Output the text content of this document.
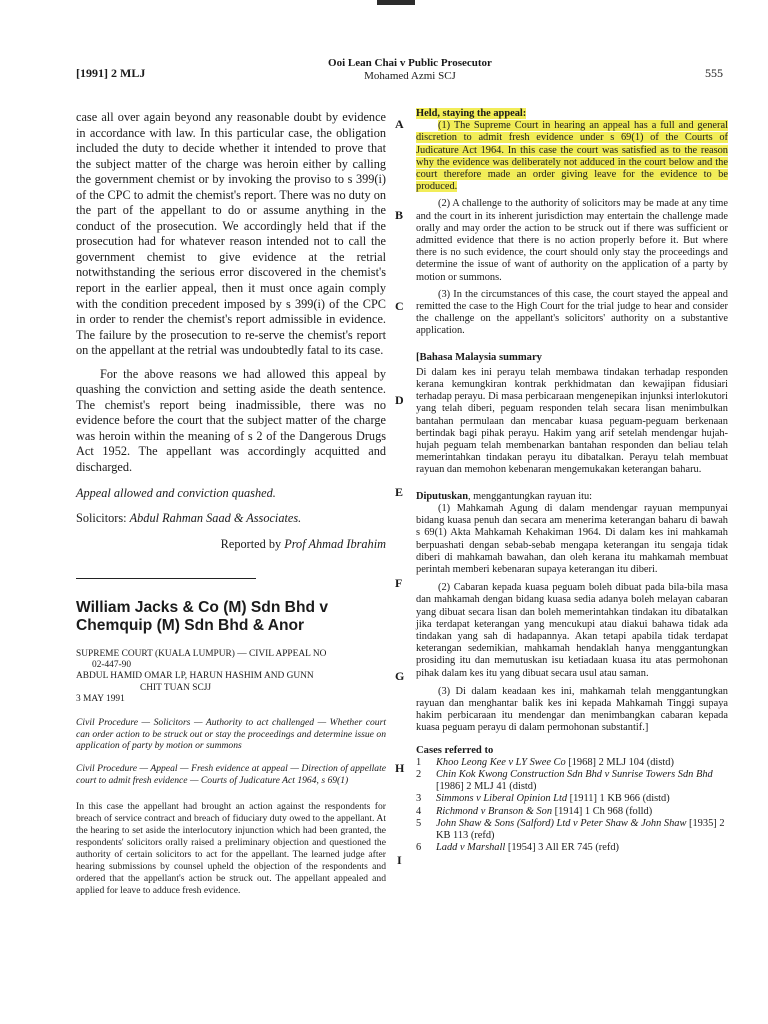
[1991] 2 MLJ
Ooi Lean Chai v Public Prosecutor
Mohamed Azmi SCJ	555
A
B
C
D
E
F
G
H
I

case all over again beyond any reasonable doubt by evidence in accordance with law. In this particular case, the obligation included the duty to decide whether it intended to prove that the subject matter of the charge was heroin either by calling the government chemist or by invoking the proviso to s 399(i) of the CPC to admit the chemist's report. There was no duty on the part of the appellant to do or assume anything in the conduct of the prosecution. We accordingly held that if the prosecution had for whatever reason intended not to call the government chemist to give evidence at the retrial notwithstanding the serious error discovered in the chemist's report in the earlier appeal, then it must once again comply with the condition precedent imposed by s 399(i) of the CPC in order to render the chemist's report admissible in evidence. The failure by the prosecution to re-serve the chemist's report on the appellant at the retrial was undoubtedly fatal to its case.

For the above reasons we had allowed this appeal by quashing the conviction and setting aside the death sentence. The chemist's report being inadmissible, there was no evidence before the court that the subject matter of the charge was heroin within the meaning of s 2 of the Dangerous Drugs Act 1952. The appellant was accordingly acquitted and discharged.

Appeal allowed and conviction quashed.

Solicitors: Abdul Rahman Saad & Associates.

Reported by Prof Ahmad Ibrahim

William Jacks & Co (M) Sdn Bhd v
Chemquip (M) Sdn Bhd & Anor
SUPREME COURT (KUALA LUMPUR) — CIVIL APPEAL NO
02-447-90
ABDUL HAMID OMAR LP, HARUN HASHIM AND GUNN
CHIT TUAN SCJJ
3 MAY 1991

Civil Procedure — Solicitors — Authority to act challenged — Whether court can order action to be struck out or stay the proceedings and determine issue on application of party by motion or summons

Civil Procedure — Appeal — Fresh evidence at appeal — Direction of appellate court to admit fresh evidence — Courts of Judicature Act 1964, s 69(1)

In this case the appellant had brought an action against the respondents for breach of service contract and breach of fiduciary duty owed to the appellant. At the hearing to set aside the interlocutory injunction which had been granted, the respondents' solicitors orally raised a preliminary objection and questioned the authority of certain solicitors to act for the appellant. The learned judge after hearing submissions by counsel upheld the objection of the respondents and ordered that the appellant's action be struck out. The appellant appealed and applied for leave to adduce fresh evidence.

Held, staying the appeal:

(1) The Supreme Court in hearing an appeal has a full and general discretion to admit fresh evidence under s 69(1) of the Courts of Judicature Act 1964. In this case the court was satisfied as to the reason why the evidence was deliberately not adduced in the court below and the court therefore made an order giving leave for the evidence to be produced.

(2) A challenge to the authority of solicitors may be made at any time and the court in its inherent jurisdiction may entertain the challenge made orally and may order the action to be struck out if there was sufficient or admitted evidence that there is no action properly before it. But where there is no such evidence, the court should only stay the proceedings and determine the issue of want of authority on the application of a party by motion or summons.

(3) In the circumstances of this case, the court stayed the appeal and remitted the case to the High Court for the trial judge to hear and consider the challenge on the appellant's solicitors' authority on a substantive application.

[Bahasa Malaysia summary

Di dalam kes ini perayu telah membawa tindakan terhadap responden kerana kemungkiran kontrak perkhidmatan dan kewajipan fidusiari terhadap perayu. Di masa perbicaraan mengenepikan injunksi interlokutori yang telah diberi, peguam responden telah secara lisan menimbulkan bantahan permulaan dan mencabar kuasa peguam-peguam berkenaan bertindak bagi pihak perayu. Hakim yang arif setelah mendengar hujah-hujah peguam telah membenarkan bantahan responden dan beliau telah memerintahkan tindakan perayu itu dibatalkan. Perayu telah membuat rayuan dan memohon kebenaran mengemukakan keterangan baharu.

Diputuskan, menggantungkan rayuan itu:

(1) Mahkamah Agung di dalam mendengar rayuan mempunyai bidang kuasa penuh dan secara am menerima keterangan baharu di bawah s 69(1) Akta Mahkamah Kehakiman 1964. Di dalam kes ini mahkamah berpuashati dengan sebab-sebab mengapa keterangan itu sengaja tidak diberi di mahkamah bawahan, dan oleh kerana itu mahkamah membuat perintah memberi kebenaran supaya keterangan itu diberi.

(2) Cabaran kepada kuasa peguam boleh dibuat pada bila-bila masa dan mahkamah dengan bidang kuasa sedia adanya boleh melayan cabaran yang dibuat secara lisan dan boleh memerintahkan tindakan itu dibatalkan jika terdapat keterangan yang mencukupi atau diakui bahawa tidak ada tindakan yang sah di hadapannya. Akan tetapi apabila tidak terdapat keterangan sedemikian, mahkamah hendaklah hanya menggantungkan prosiding itu dan memutuskan isu ketiadaan kuasa itu atas permohonan pihak dalam kes itu yang dibuat secara usul atau saman.

(3) Di dalam keadaan kes ini, mahkamah telah menggantungkan rayuan dan menghantar balik kes ini kepada Mahkamah Tinggi supaya hakim perbicaraan itu mendengar dan menimbangkan cabaran kepada kuasa peguam perayu di dalam permohonan substantif.]

Cases referred to

1 Khoo Leong Kee v LY Swee Co [1968] 2 MLJ 104 (distd)
2 Chin Kok Kwong Construction Sdn Bhd v Sunrise Towers Sdn Bhd [1986] 2 MLJ 41 (distd)
3 Simmons v Liberal Opinion Ltd [1911] 1 KB 966 (distd)
4 Richmond v Branson & Son [1914] 1 Ch 968 (folld)
5 John Shaw & Sons (Salford) Ltd v Peter Shaw & John Shaw [1935] 2 KB 113 (refd)
6 Ladd v Marshall [1954] 3 All ER 745 (refd)
